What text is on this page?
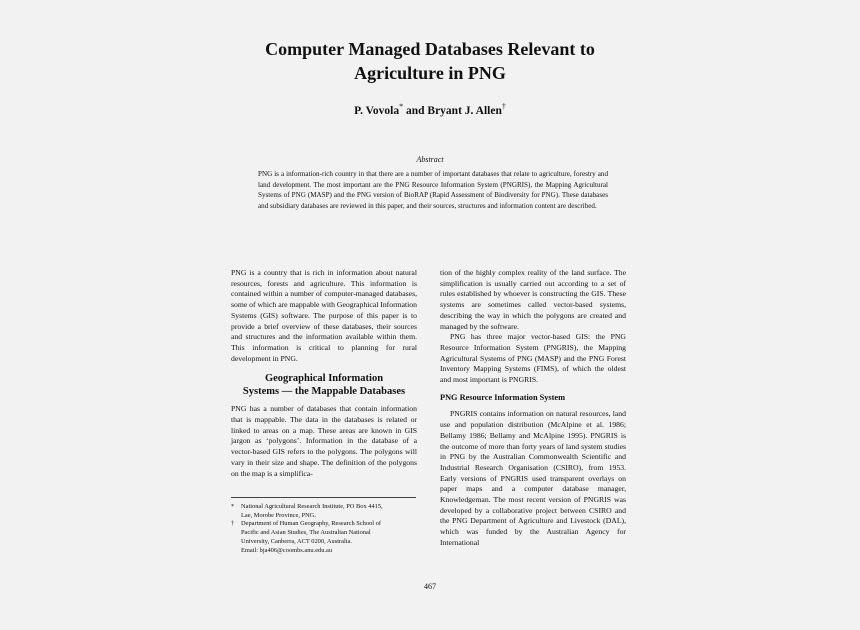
Computer Managed Databases Relevant to
Agriculture in PNG
P. Vovola* and Bryant J. Allen†
Abstract
PNG is a information-rich country in that there are a number of important databases that relate to agriculture, forestry and land development. The most important are the PNG Resource Information System (PNGRIS), the Mapping Agricultural Systems of PNG (MASP) and the PNG version of BioRAP (Rapid Assessment of Biodiversity for PNG). These databases and subsidiary databases are reviewed in this paper, and their sources, structures and information content are described.

PNG is a country that is rich in information about natural resources, forests and agriculture. This information is contained within a number of computer-managed databases, some of which are mappable with Geographical Information Systems (GIS) software. The purpose of this paper is to provide a brief overview of these databases, their sources and structures and the information available within them. This information is critical to planning for rural development in PNG.

Geographical Information
Systems — the Mappable Databases

PNG has a number of databases that contain information that is mappable. The data in the databases is related or linked to areas on a map. These areas are known in GIS jargon as ‘polygons’. Information in the database of a vector-based GIS refers to the polygons. The polygons will vary in their size and shape. The definition of the polygons on the map is a simplifica-

tion of the highly complex reality of the land surface. The simplification is usually carried out according to a set of rules established by whoever is constructing the GIS. These systems are sometimes called vector-based systems, describing the way in which the polygons are created and managed by the software.

PNG has three major vector-based GIS: the PNG Resource Information System (PNGRIS), the Mapping Agricultural Systems of PNG (MASP) and the PNG Forest Inventory Mapping Systems (FIMS), of which the oldest and most important is PNGRIS.

PNG Resource Information System

PNGRIS contains information on natural resources, land use and population distribution (McAlpine et al. 1986; Bellamy 1986; Bellamy and McAlpine 1995). PNGRIS is the outcome of more than forty years of land system studies in PNG by the Australian Commonwealth Scientific and Industrial Research Organisation (CSIRO), from 1953. Early versions of PNGRIS used transparent overlays on paper maps and a computer database manager, Knowledgeman. The most recent version of PNGRIS was developed by a collaborative project between CSIRO and the PNG Department of Agriculture and Livestock (DAL), which was funded by the Australian Agency for International

* National Agricultural Research Institute, PO Box 4415,
Lae, Morobe Province, PNG.
† Department of Human Geography, Research School of
Pacific and Asian Studies, The Australian National
University, Canberra, ACT 0200, Australia.
Email: bja406@coombs.anu.edu.au
467
